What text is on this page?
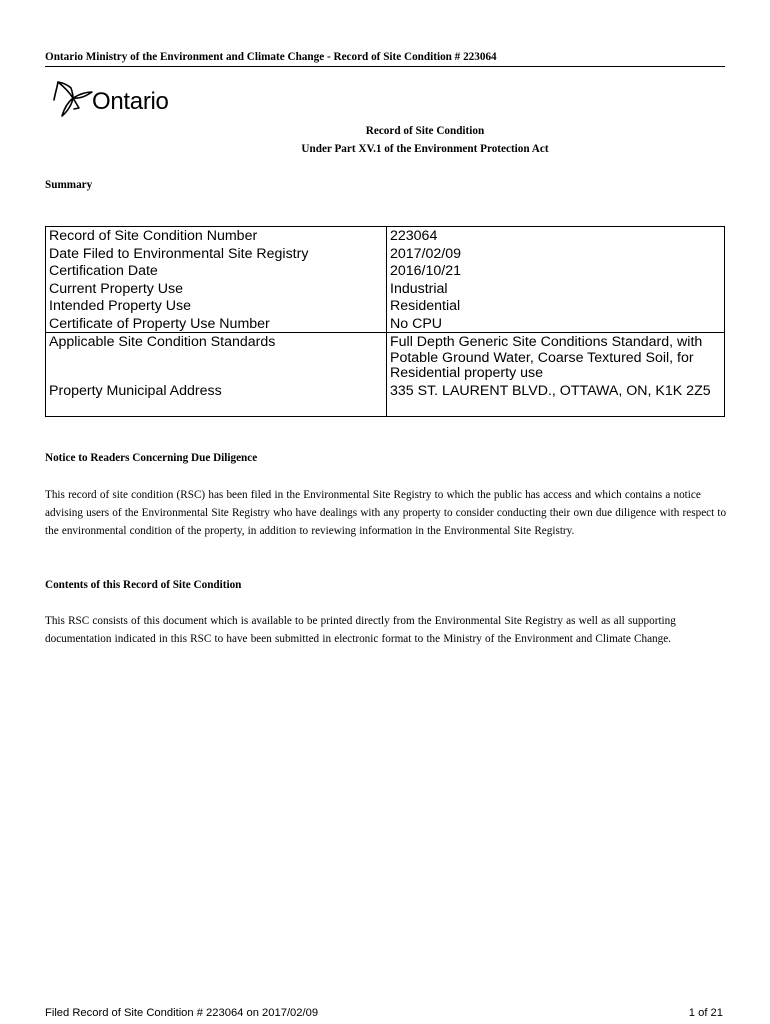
Ontario Ministry of the Environment and Climate Change - Record of Site Condition # 223064
Ontario
Record of Site Condition
Under Part XV.1 of the Environment Protection Act
Summary
Record of Site Condition Number	223064
Date Filed to Environmental Site Registry	2017/02/09
Certification Date	2016/10/21
Current Property Use	Industrial
Intended Property Use	Residential
Certificate of Property Use Number	No CPU
Applicable Site Condition Standards	Full Depth Generic Site Conditions Standard, with Potable Ground Water, Coarse Textured Soil, for Residential property use
Property Municipal Address	335 ST. LAURENT BLVD., OTTAWA, ON, K1K 2Z5
Notice to Readers Concerning Due Diligence
This record of site condition (RSC) has been filed in the Environmental Site Registry to which the public has access and which contains a notice advising users of the Environmental Site Registry who have dealings with any property to consider conducting their own due diligence with respect to the environmental condition of the property, in addition to reviewing information in the Environmental Site Registry.
Contents of this Record of Site Condition
This RSC consists of this document which is available to be printed directly from the Environmental Site Registry as well as all supporting documentation indicated in this RSC to have been submitted in electronic format to the Ministry of the Environment and Climate Change.
Filed Record of Site Condition # 223064 on 2017/02/09	1 of 21
